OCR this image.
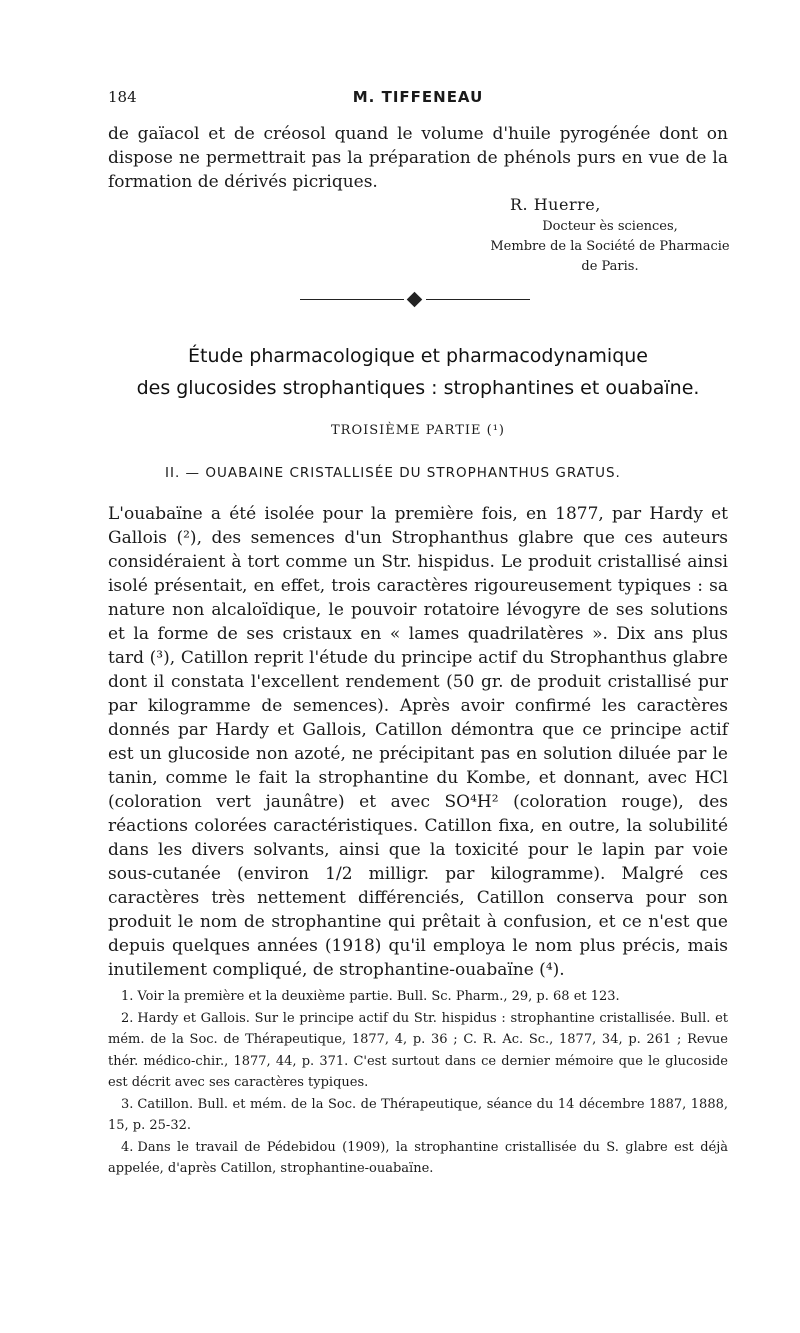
184	M. TIFFENEAU

de gaïacol et de créosol quand le volume d'huile pyrogénée dont on dispose ne permettrait pas la préparation de phénols purs en vue de la formation de dérivés picriques.

R. Huerre,
Docteur ès sciences,
Membre de la Société de Pharmacie
de Paris.
Étude pharmacologique et pharmacodynamique
des glucosides strophantiques : strophantines et ouabaïne.
TROISIÈME PARTIE (¹)
II. — OUABAINE CRISTALLISÉE DU STROPHANTHUS GRATUS.

L'ouabaïne a été isolée pour la première fois, en 1877, par Hardy et Gallois (²), des semences d'un Strophanthus glabre que ces auteurs considéraient à tort comme un Str. hispidus. Le produit cristallisé ainsi isolé présentait, en effet, trois caractères rigoureusement typiques : sa nature non alcaloïdique, le pouvoir rotatoire lévogyre de ses solutions et la forme de ses cristaux en « lames quadrilatères ». Dix ans plus tard (³), Catillon reprit l'étude du principe actif du Strophanthus glabre dont il constata l'excellent rendement (50 gr. de produit cristallisé pur par kilogramme de semences). Après avoir confirmé les caractères donnés par Hardy et Gallois, Catillon démontra que ce principe actif est un glucoside non azoté, ne précipitant pas en solution diluée par le tanin, comme le fait la strophantine du Kombe, et donnant, avec HCl (coloration vert jaunâtre) et avec SO⁴H² (coloration rouge), des réactions colorées caractéristiques. Catillon fixa, en outre, la solubilité dans les divers solvants, ainsi que la toxicité pour le lapin par voie sous-cutanée (environ 1/2 milligr. par kilogramme). Malgré ces caractères très nettement différenciés, Catillon conserva pour son produit le nom de strophantine qui prêtait à confusion, et ce n'est que depuis quelques années (1918) qu'il employa le nom plus précis, mais inutilement compliqué, de strophantine-ouabaïne (⁴).

1. Voir la première et la deuxième partie. Bull. Sc. Pharm., 29, p. 68 et 123.

2. Hardy et Gallois. Sur le principe actif du Str. hispidus : strophantine cristallisée. Bull. et mém. de la Soc. de Thérapeutique, 1877, 4, p. 36 ; C. R. Ac. Sc., 1877, 34, p. 261 ; Revue thér. médico-chir., 1877, 44, p. 371. C'est surtout dans ce dernier mémoire que le glucoside est décrit avec ses caractères typiques.

3. Catillon. Bull. et mém. de la Soc. de Thérapeutique, séance du 14 décembre 1887, 1888, 15, p. 25-32.

4. Dans le travail de Pédebidou (1909), la strophantine cristallisée du S. glabre est déjà appelée, d'après Catillon, strophantine-ouabaïne.
